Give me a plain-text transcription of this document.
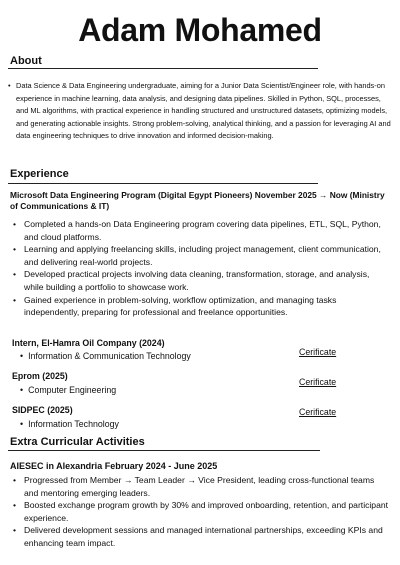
Adam Mohamed
About
• Data Science & Data Engineering undergraduate, aiming for a Junior Data Scientist/Engineer role, with hands-on experience in machine learning, data analysis, and designing data pipelines. Skilled in Python, SQL, processes, and ML algorithms, with practical experience in handling structured and unstructured datasets, optimizing models, and generating actionable insights. Strong problem-solving, analytical thinking, and a passion for leveraging AI and data engineering techniques to drive innovation and informed decision-making.
Experience
Microsoft Data Engineering Program (Digital Egypt Pioneers) November 2025 → Now (Ministry of Communications & IT)
• Completed a hands-on Data Engineering program covering data pipelines, ETL, SQL, Python, and cloud platforms.
• Learning and applying freelancing skills, including project management, client communication, and delivering real-world projects.
• Developed practical projects involving data cleaning, transformation, storage, and analysis, while building a portfolio to showcase work.
• Gained experience in problem-solving, workflow optimization, and managing tasks independently, preparing for professional and freelance opportunities.
Intern, El-Hamra Oil Company (2024)
• Information & Communication Technology	Cerificate
Eprom (2025)
• Computer Engineering
Cerificate
SIDPEC (2025)
• Information Technology
Cerificate
Extra Curricular Activities
AIESEC in Alexandria February 2024 - June 2025
• Progressed from Member → Team Leader → Vice President, leading cross-functional teams and mentoring emerging leaders.
• Boosted exchange program growth by 30% and improved onboarding, retention, and participant experience.
• Delivered development sessions and managed international partnerships, exceeding KPIs and enhancing team impact.
